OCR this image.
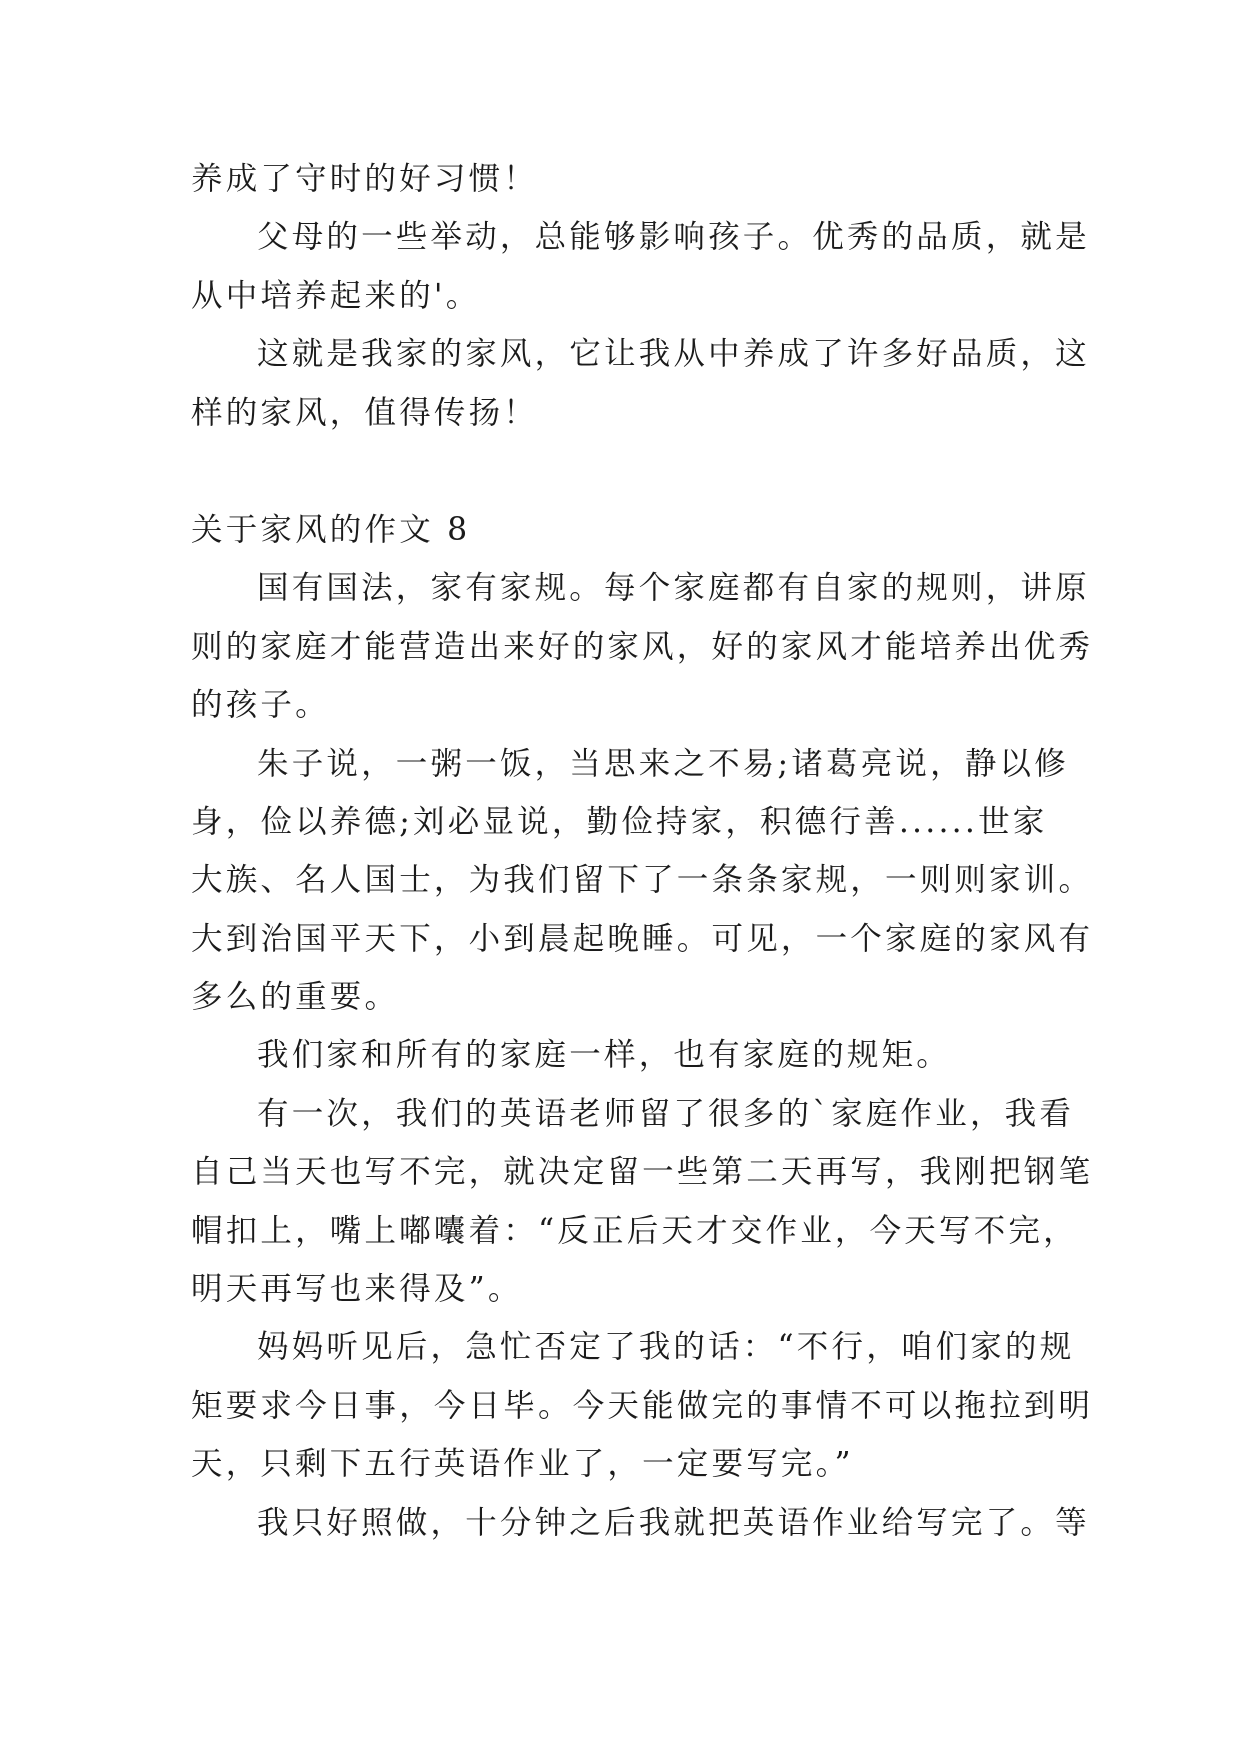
养成了守时的好习惯！
父母的一些举动，总能够影响孩子。优秀的品质，就是
从中培养起来的'。
这就是我家的家风，它让我从中养成了许多好品质，这
样的家风，值得传扬！
关于家风的作文 8
国有国法，家有家规。每个家庭都有自家的规则，讲原
则的家庭才能营造出来好的家风，好的家风才能培养出优秀
的孩子。
朱子说，一粥一饭，当思来之不易;诸葛亮说，静以修
身，俭以养德;刘必显说，勤俭持家，积德行善......世家
大族、名人国士，为我们留下了一条条家规，一则则家训。
大到治国平天下，小到晨起晚睡。可见，一个家庭的家风有
多么的重要。
我们家和所有的家庭一样，也有家庭的规矩。
有一次，我们的英语老师留了很多的`家庭作业，我看
自己当天也写不完，就决定留一些第二天再写，我刚把钢笔
帽扣上，嘴上嘟囔着：“反正后天才交作业，今天写不完，
明天再写也来得及”。
妈妈听见后，急忙否定了我的话：“不行，咱们家的规
矩要求今日事，今日毕。今天能做完的事情不可以拖拉到明
天，只剩下五行英语作业了，一定要写完。”
我只好照做，十分钟之后我就把英语作业给写完了。等
